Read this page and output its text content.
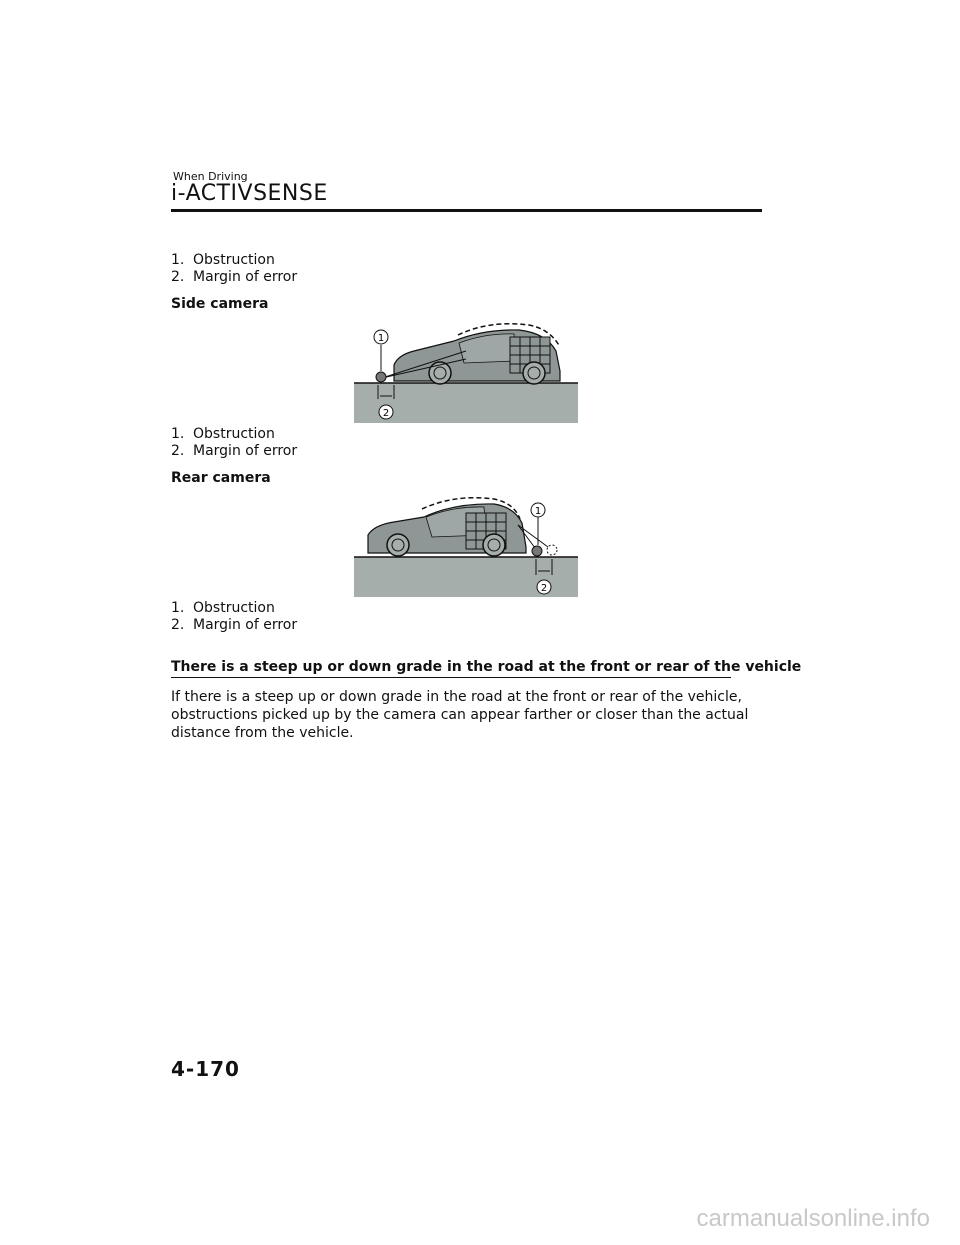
When Driving
i-ACTIVSENSE
1. Obstruction
2. Margin of error
Side camera
1
2
1. Obstruction
2. Margin of error
Rear camera
1
2
1. Obstruction
2. Margin of error
There is a steep up or down grade in the road at the front or rear of the vehicle
If there is a steep up or down grade in the road at the front or rear of the vehicle, obstructions picked up by the camera can appear farther or closer than the actual distance from the vehicle.
4-170
carmanualsonline.info
